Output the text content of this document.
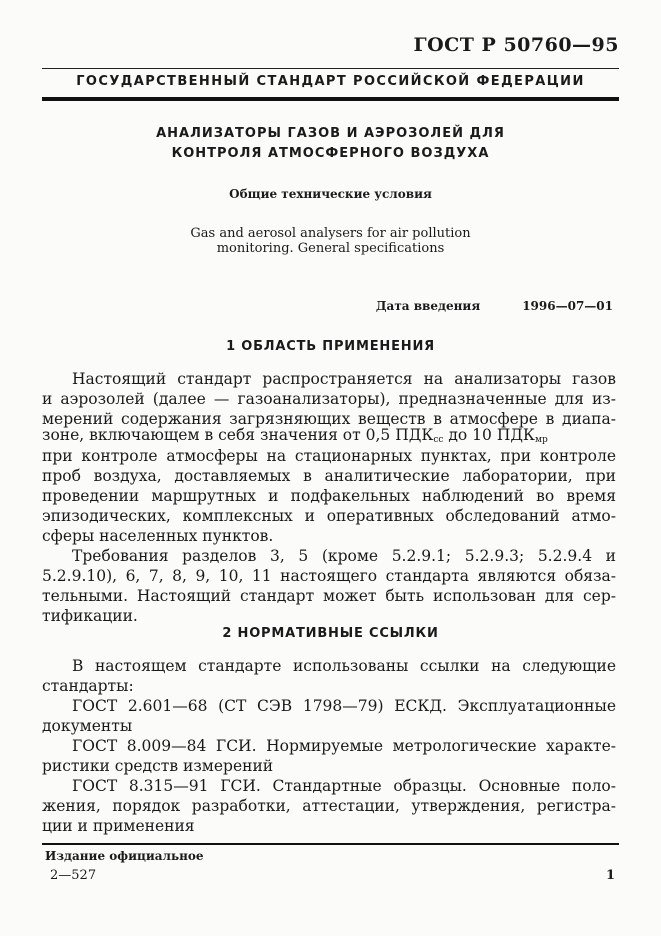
ГОСТ Р 50760—95
ГОСУДАРСТВЕННЫЙ СТАНДАРТ РОССИЙСКОЙ ФЕДЕРАЦИИ
АНАЛИЗАТОРЫ ГАЗОВ И АЭРОЗОЛЕЙ ДЛЯ
КОНТРОЛЯ АТМОСФЕРНОГО ВОЗДУХА
Общие технические условия
Gas and aerosol analysers for air pollution
monitoring. General specifications
Дата введения	1996—07—01
1 ОБЛАСТЬ ПРИМЕНЕНИЯ
Настоящий стандарт распространяется на анализаторы газов
и аэрозолей (далее — газоанализаторы), предназначенные для из-
мерений содержания загрязняющих веществ в атмосфере в диапа-
зоне, включающем в себя значения от 0,5 $ПДК_{сс}$ до 10 $ПДК_{мр}$
при контроле атмосферы на стационарных пунктах, при контроле
проб воздуха, доставляемых в аналитические лаборатории, при
проведении маршрутных и подфакельных наблюдений во время
эпизодических, комплексных и оперативных обследований атмо-
сферы населенных пунктов.
Требования разделов 3, 5 (кроме 5.2.9.1; 5.2.9.3; 5.2.9.4 и
5.2.9.10), 6, 7, 8, 9, 10, 11 настоящего стандарта являются обяза-
тельными. Настоящий стандарт может быть использован для сер-
тификации.
2 НОРМАТИВНЫЕ ССЫЛКИ
В настоящем стандарте использованы ссылки на следующие
стандарты:
ГОСТ 2.601—68 (СТ СЭВ 1798—79) ЕСКД. Эксплуатационные
документы
ГОСТ 8.009—84 ГСИ. Нормируемые метрологические характе-
ристики средств измерений
ГОСТ 8.315—91 ГСИ. Стандартные образцы. Основные поло-
жения, порядок разработки, аттестации, утверждения, регистра-
ции и применения
Издание официальное
2—527	1
